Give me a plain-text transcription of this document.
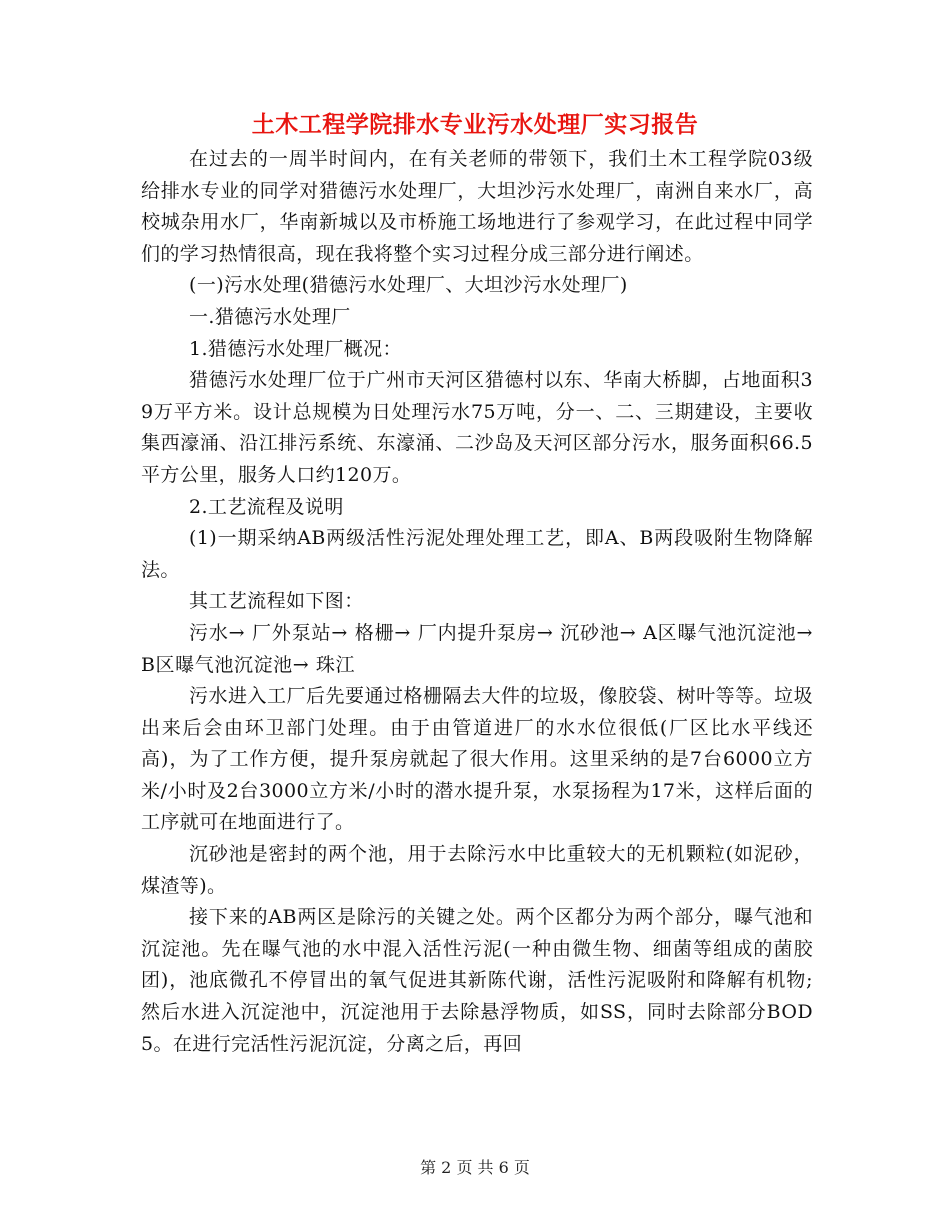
土木工程学院排水专业污水处理厂实习报告

在过去的一周半时间内，在有关老师的带领下，我们土木工程学院03级给排水专业的同学对猎德污水处理厂，大坦沙污水处理厂，南洲自来水厂，高校城杂用水厂，华南新城以及市桥施工场地进行了参观学习，在此过程中同学们的学习热情很高，现在我将整个实习过程分成三部分进行阐述。

(一)污水处理(猎德污水处理厂、大坦沙污水处理厂)

一.猎德污水处理厂

1.猎德污水处理厂概况：

猎德污水处理厂位于广州市天河区猎德村以东、华南大桥脚，占地面积39万平方米。设计总规模为日处理污水75万吨，分一、二、三期建设，主要收集西濠涌、沿江排污系统、东濠涌、二沙岛及天河区部分污水，服务面积66.5平方公里，服务人口约120万。

2.工艺流程及说明

(1)一期采纳AB两级活性污泥处理处理工艺，即A、B两段吸附生物降解法。

其工艺流程如下图：

污水→ 厂外泵站→ 格栅→ 厂内提升泵房→ 沉砂池→ A区曝气池沉淀池→ B区曝气池沉淀池→ 珠江

污水进入工厂后先要通过格栅隔去大件的垃圾，像胶袋、树叶等等。垃圾出来后会由环卫部门处理。由于由管道进厂的水水位很低(厂区比水平线还高)，为了工作方便，提升泵房就起了很大作用。这里采纳的是7台6000立方米/小时及2台3000立方米/小时的潜水提升泵，水泵扬程为17米，这样后面的工序就可在地面进行了。

沉砂池是密封的两个池，用于去除污水中比重较大的无机颗粒(如泥砂，煤渣等)。

接下来的AB两区是除污的关键之处。两个区都分为两个部分，曝气池和沉淀池。先在曝气池的水中混入活性污泥(一种由微生物、细菌等组成的菌胶团)，池底微孔不停冒出的氧气促进其新陈代谢，活性污泥吸附和降解有机物;然后水进入沉淀池中，沉淀池用于去除悬浮物质，如SS，同时去除部分BOD5。在进行完活性污泥沉淀，分离之后，再回

第 2 页 共 6 页
